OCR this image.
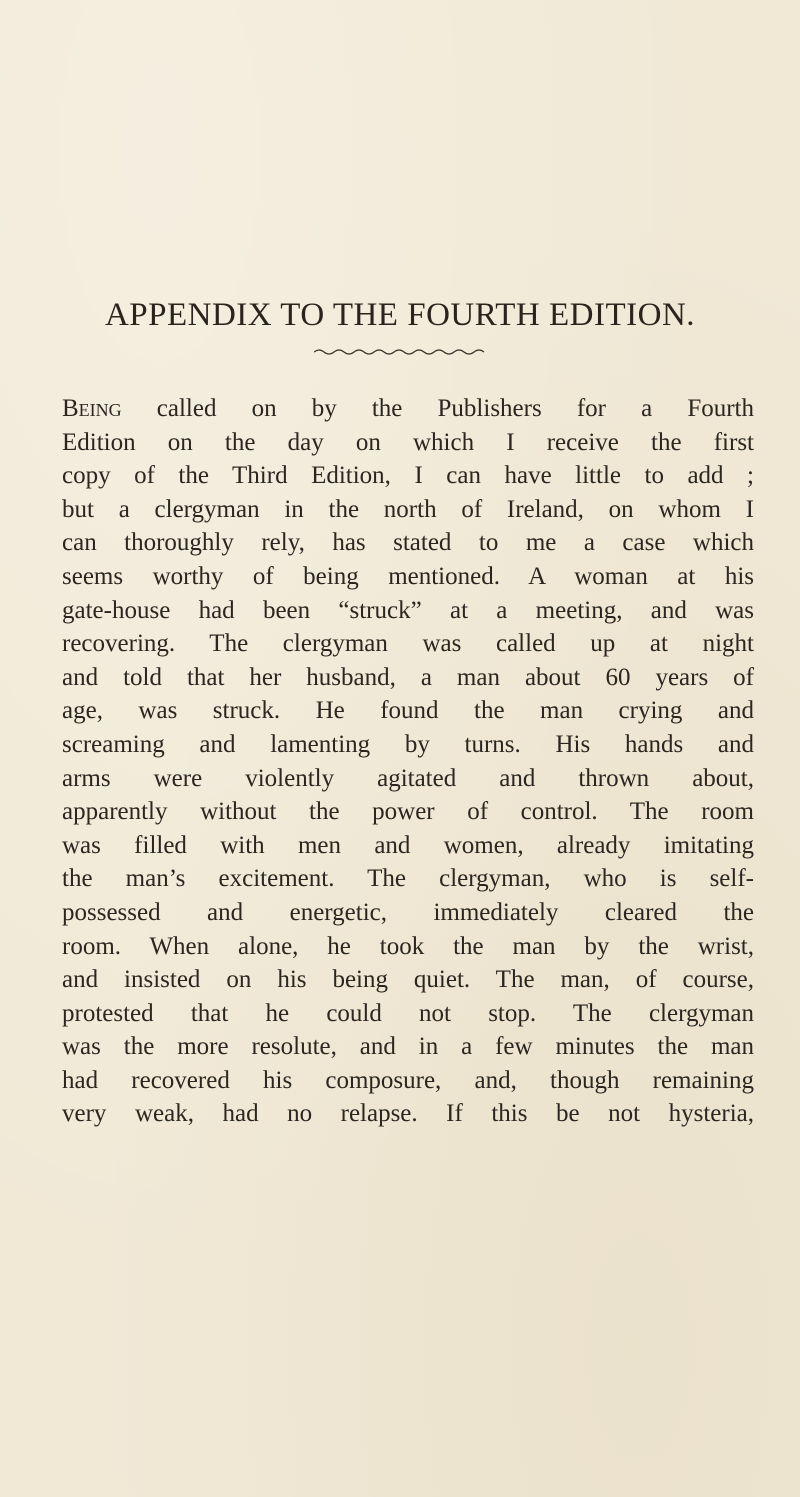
APPENDIX TO THE FOURTH EDITION.
Being called on by the Publishers for a Fourth
Edition on the day on which I receive the first
copy of the Third Edition, I can have little to add ;
but a clergyman in the north of Ireland, on whom I
can thoroughly rely, has stated to me a case which
seems worthy of being mentioned. A woman at his
gate-house had been “struck” at a meeting, and was
recovering. The clergyman was called up at night
and told that her husband, a man about 60 years of
age, was struck. He found the man crying and
screaming and lamenting by turns. His hands and
arms were violently agitated and thrown about,
apparently without the power of control. The room
was filled with men and women, already imitating
the man’s excitement. The clergyman, who is self-
possessed and energetic, immediately cleared the
room. When alone, he took the man by the wrist,
and insisted on his being quiet. The man, of course,
protested that he could not stop. The clergyman
was the more resolute, and in a few minutes the man
had recovered his composure, and, though remaining
very weak, had no relapse. If this be not hysteria,
